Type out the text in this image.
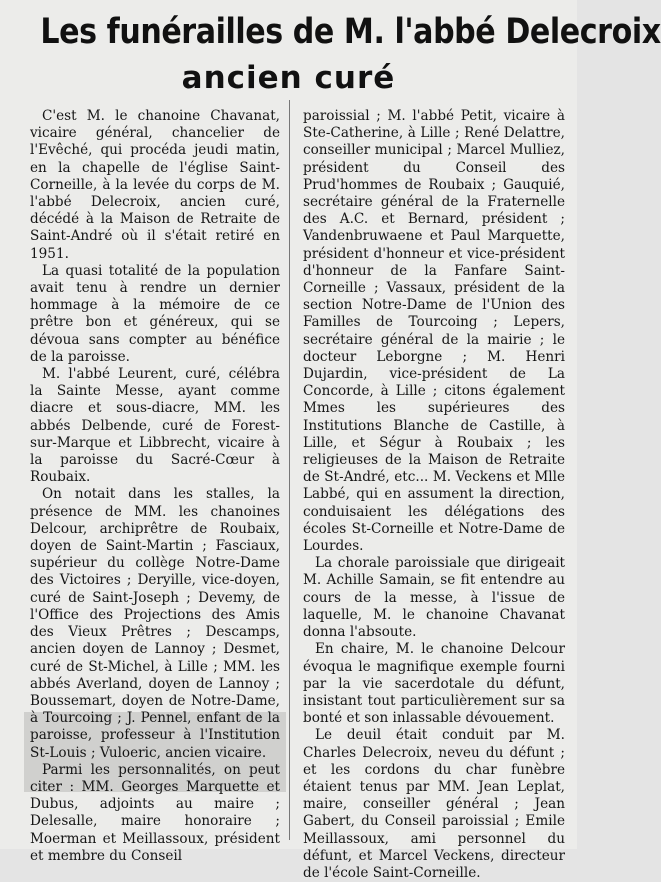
Les funérailles de M. l'abbé Delecroix
ancien curé

C'est M. le chanoine Chavanat, vicaire général, chancelier de l'Evêché, qui procéda jeudi matin, en la chapelle de l'église Saint-Corneille, à la levée du corps de M. l'abbé Delecroix, ancien curé, décédé à la Maison de Retraite de Saint-André où il s'était retiré en 1951.

La quasi totalité de la population avait tenu à rendre un dernier hommage à la mémoire de ce prêtre bon et généreux, qui se dévoua sans compter au bénéfice de la paroisse.

M. l'abbé Leurent, curé, célébra la Sainte Messe, ayant comme diacre et sous-diacre, MM. les abbés Delbende, curé de Forest-sur-Marque et Libbrecht, vicaire à la paroisse du Sacré-Cœur à Roubaix.

On notait dans les stalles, la présence de MM. les chanoines Delcour, archiprêtre de Roubaix, doyen de Saint-Martin ; Fasciaux, supérieur du collège Notre-Dame des Victoires ; Deryille, vice-doyen, curé de Saint-Joseph ; Devemy, de l'Office des Projections des Amis des Vieux Prêtres ; Descamps, ancien doyen de Lannoy ; Desmet, curé de St-Michel, à Lille ; MM. les abbés Averland, doyen de Lannoy ; Boussemart, doyen de Notre-Dame, à Tourcoing ; J. Pennel, enfant de la paroisse, professeur à l'Institution St-Louis ; Vuloeric, ancien vicaire.

Parmi les personnalités, on peut citer : MM. Georges Marquette et Dubus, adjoints au maire ; Delesalle, maire honoraire ; Moerman et Meillassoux, président et membre du Conseil

paroissial ; M. l'abbé Petit, vicaire à Ste-Catherine, à Lille ; René Delattre, conseiller municipal ; Marcel Mulliez, président du Conseil des Prud'hommes de Roubaix ; Gauquié, secrétaire général de la Fraternelle des A.C. et Bernard, président ; Vandenbruwaene et Paul Marquette, président d'honneur et vice-président d'honneur de la Fanfare Saint-Corneille ; Vassaux, président de la section Notre-Dame de l'Union des Familles de Tourcoing ; Lepers, secrétaire général de la mairie ; le docteur Leborgne ; M. Henri Dujardin, vice-président de La Concorde, à Lille ; citons également Mmes les supérieures des Institutions Blanche de Castille, à Lille, et Ségur à Roubaix ; les religieuses de la Maison de Retraite de St-André, etc... M. Veckens et Mlle Labbé, qui en assument la direction, conduisaient les délégations des écoles St-Corneille et Notre-Dame de Lourdes.

La chorale paroissiale que dirigeait M. Achille Samain, se fit entendre au cours de la messe, à l'issue de laquelle, M. le chanoine Chavanat donna l'absoute.

En chaire, M. le chanoine Delcour évoqua le magnifique exemple fourni par la vie sacerdotale du défunt, insistant tout particulièrement sur sa bonté et son inlassable dévouement.

Le deuil était conduit par M. Charles Delecroix, neveu du défunt ; et les cordons du char funèbre étaient tenus par MM. Jean Leplat, maire, conseiller général ; Jean Gabert, du Conseil paroissial ; Emile Meillassoux, ami personnel du défunt, et Marcel Veckens, directeur de l'école Saint-Corneille.
